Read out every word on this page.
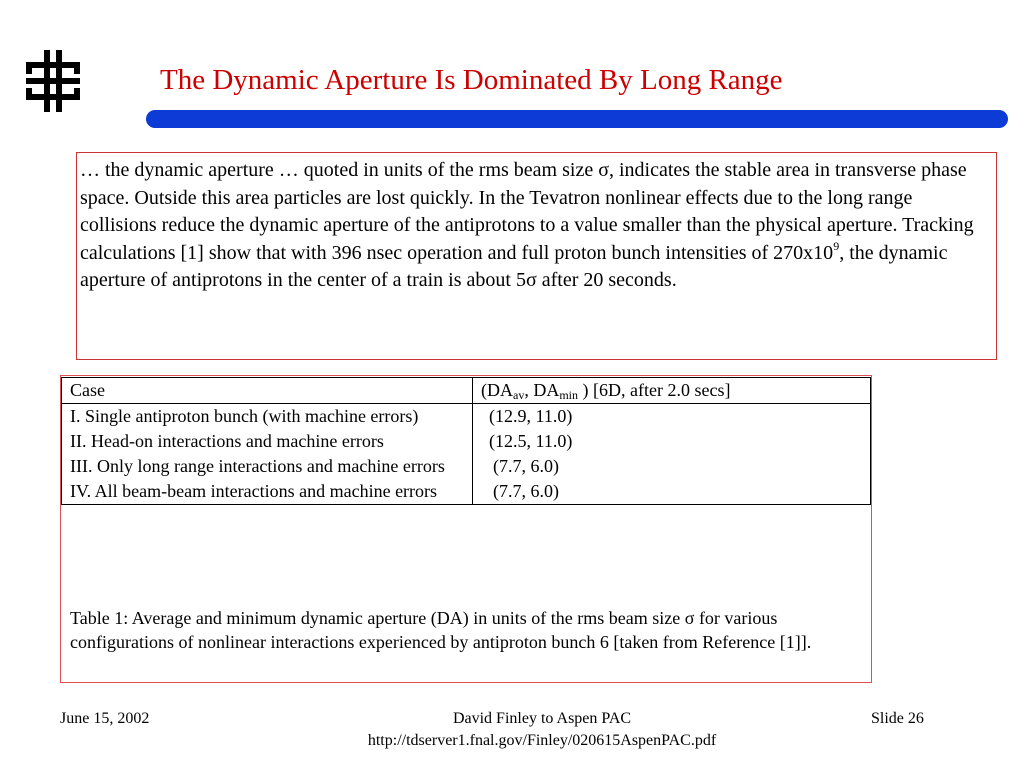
The Dynamic Aperture Is Dominated By Long Range
… the dynamic aperture … quoted in units of the rms beam size σ, indicates the stable area in transverse phase space. Outside this area particles are lost quickly. In the Tevatron nonlinear effects due to the long range collisions reduce the dynamic aperture of the antiprotons to a value smaller than the physical aperture. Tracking calculations [1] show that with 396 nsec operation and full proton bunch intensities of $270x10^9$, the dynamic aperture of antiprotons in the center of a train is about 5σ after 20 seconds.
Case	($DA_{av}$, $DA_{min}$ ) [6D, after 2.0 secs]
I. Single antiproton bunch (with machine errors)	(12.9, 11.0)
II. Head-on interactions and machine errors	(12.5, 11.0)
III. Only long range interactions and machine errors	(7.7, 6.0)
IV. All beam-beam interactions and machine errors	(7.7, 6.0)
Table 1: Average and minimum dynamic aperture (DA) in units of the rms beam size σ for various configurations of nonlinear interactions experienced by antiproton bunch 6 [taken from Reference [1]].
June 15, 2002	David Finley to Aspen PAC
http://tdserver1.fnal.gov/Finley/020615AspenPAC.pdf
Slide 26
